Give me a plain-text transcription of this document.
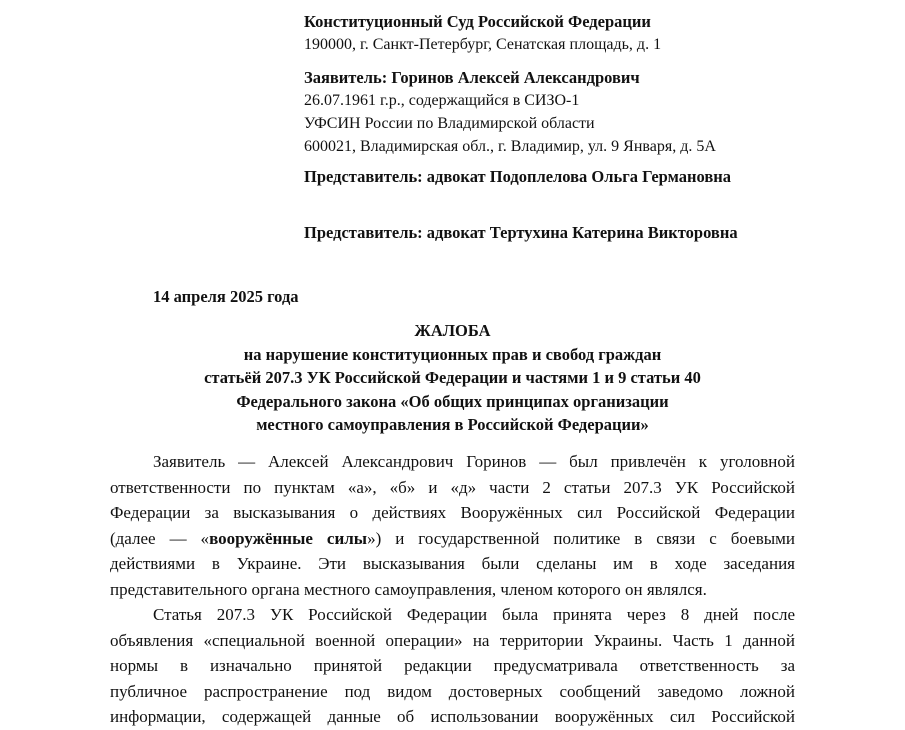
Конституционный Суд Российской Федерации
190000, г. Санкт-Петербург, Сенатская площадь, д. 1
Заявитель: Горинов Алексей Александрович
26.07.1961 г.р., содержащийся в СИЗО-1
УФСИН России по Владимирской области
600021, Владимирская обл., г. Владимир, ул. 9 Января, д. 5А
Представитель: адвокат Подоплелова Ольга Германовна
Представитель: адвокат Тертухина Катерина Викторовна
14 апреля 2025 года
ЖАЛОБА
на нарушение конституционных прав и свобод граждан
статьёй 207.3 УК Российской Федерации и частями 1 и 9 статьи 40
Федерального закона «Об общих принципах организации
местного самоуправления в Российской Федерации»
Заявитель — Алексей Александрович Горинов — был привлечён к уголовной
ответственности по пунктам «а», «б» и «д» части 2 статьи 207.3 УК Российской
Федерации за высказывания о действиях Вооружённых сил Российской Федерации
(далее — «вооружённые силы») и государственной политике в связи с боевыми
действиями в Украине. Эти высказывания были сделаны им в ходе заседания
представительного органа местного самоуправления, членом которого он являлся.
Статья 207.3 УК Российской Федерации была принята через 8 дней после
объявления «специальной военной операции» на территории Украины. Часть 1 данной
нормы в изначально принятой редакции предусматривала ответственность за
публичное распространение под видом достоверных сообщений заведомо ложной
информации, содержащей данные об использовании вооружённых сил Российской
